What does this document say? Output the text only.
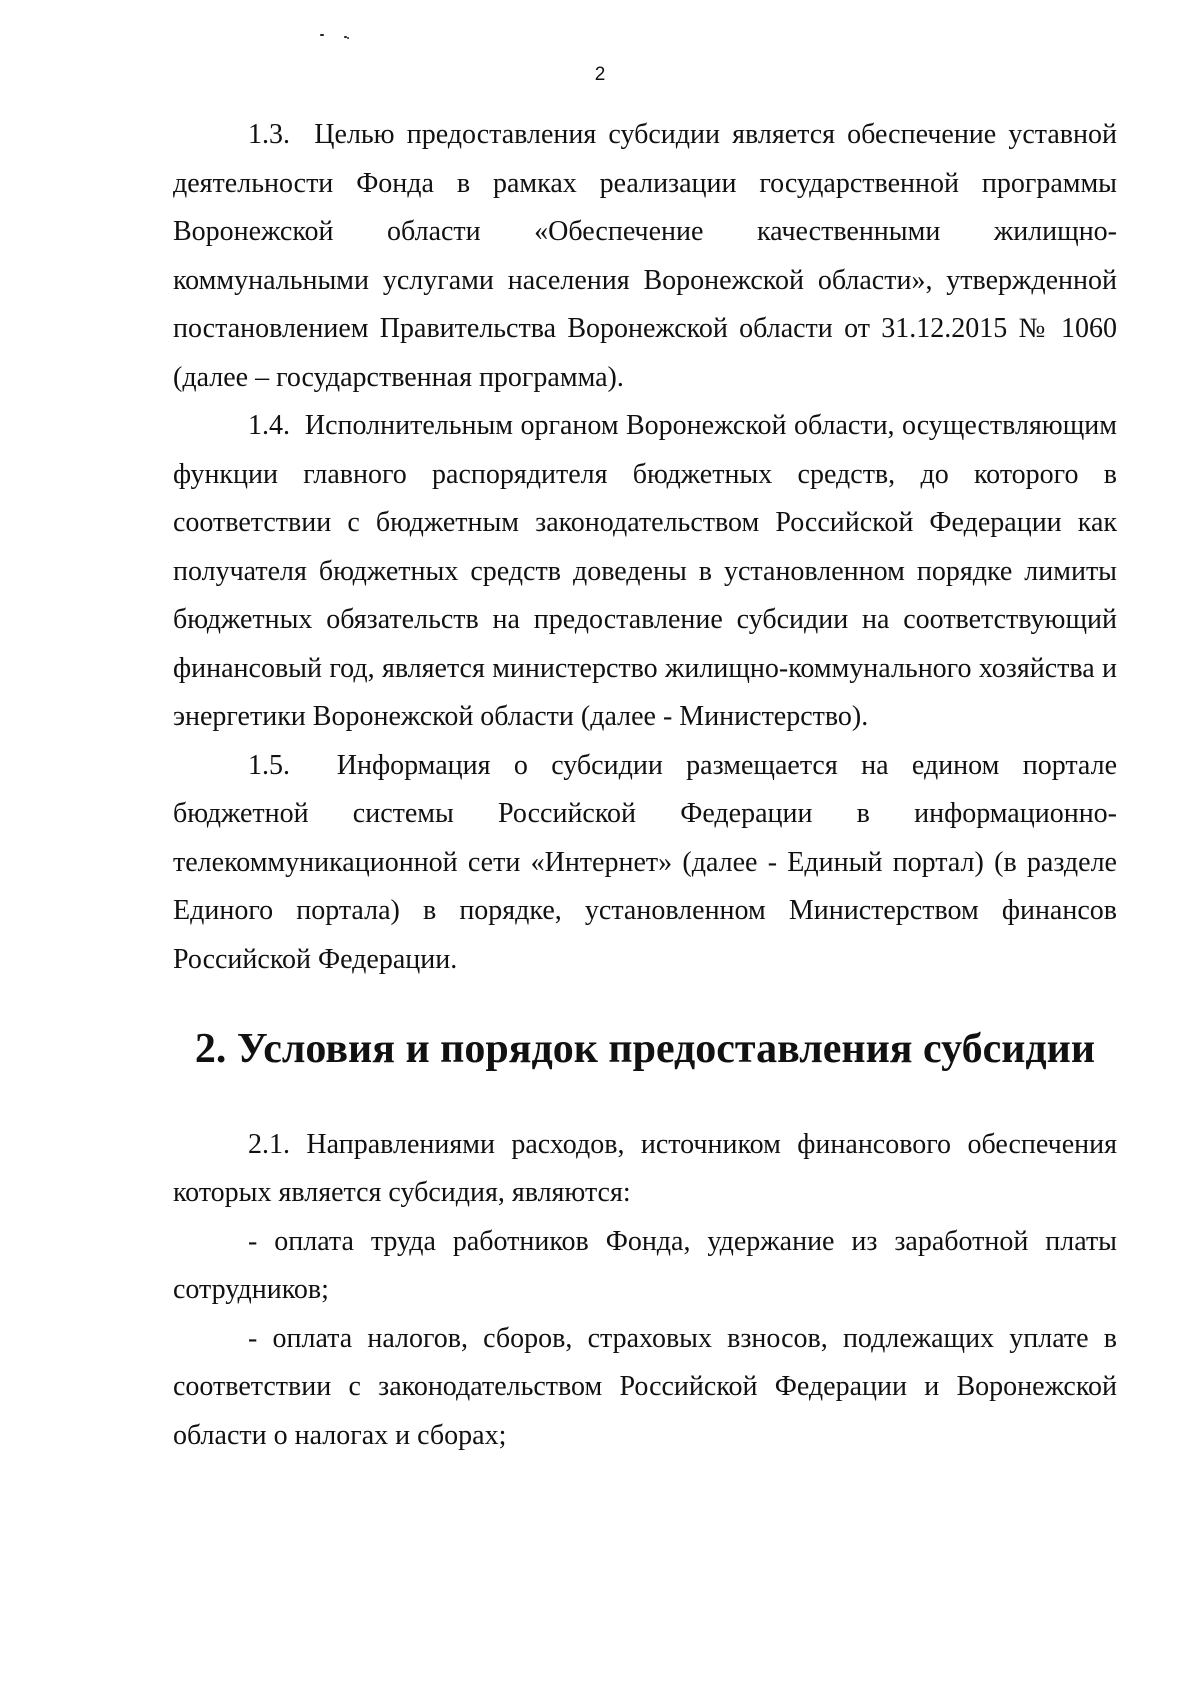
2

1.3.  Целью предоставления субсидии является обеспечение уставной деятельности Фонда в рамках реализации государственной программы Воронежской области «Обеспечение качественными жилищно-коммунальными услугами населения Воронежской области», утвержденной постановлением Правительства Воронежской области от 31.12.2015 № 1060 (далее – государственная программа).

1.4.  Исполнительным органом Воронежской области, осуществляющим функции главного распорядителя бюджетных средств, до которого в соответствии с бюджетным законодательством Российской Федерации как получателя бюджетных средств доведены в установленном порядке лимиты бюджетных обязательств на предоставление субсидии на соответствующий финансовый год, является министерство жилищно-коммунального хозяйства и энергетики Воронежской области (далее - Министерство).

1.5.  Информация о субсидии размещается на едином портале бюджетной системы Российской Федерации в информационно-телекоммуникационной сети «Интернет» (далее - Единый портал) (в разделе Единого портала) в порядке, установленном Министерством финансов Российской Федерации.

2. Условия и порядок предоставления субсидии

2.1. Направлениями расходов, источником финансового обеспечения которых является субсидия, являются:

- оплата труда работников Фонда, удержание из заработной платы сотрудников;

- оплата налогов, сборов, страховых взносов, подлежащих уплате в соответствии с законодательством Российской Федерации и Воронежской области о налогах и сборах;
